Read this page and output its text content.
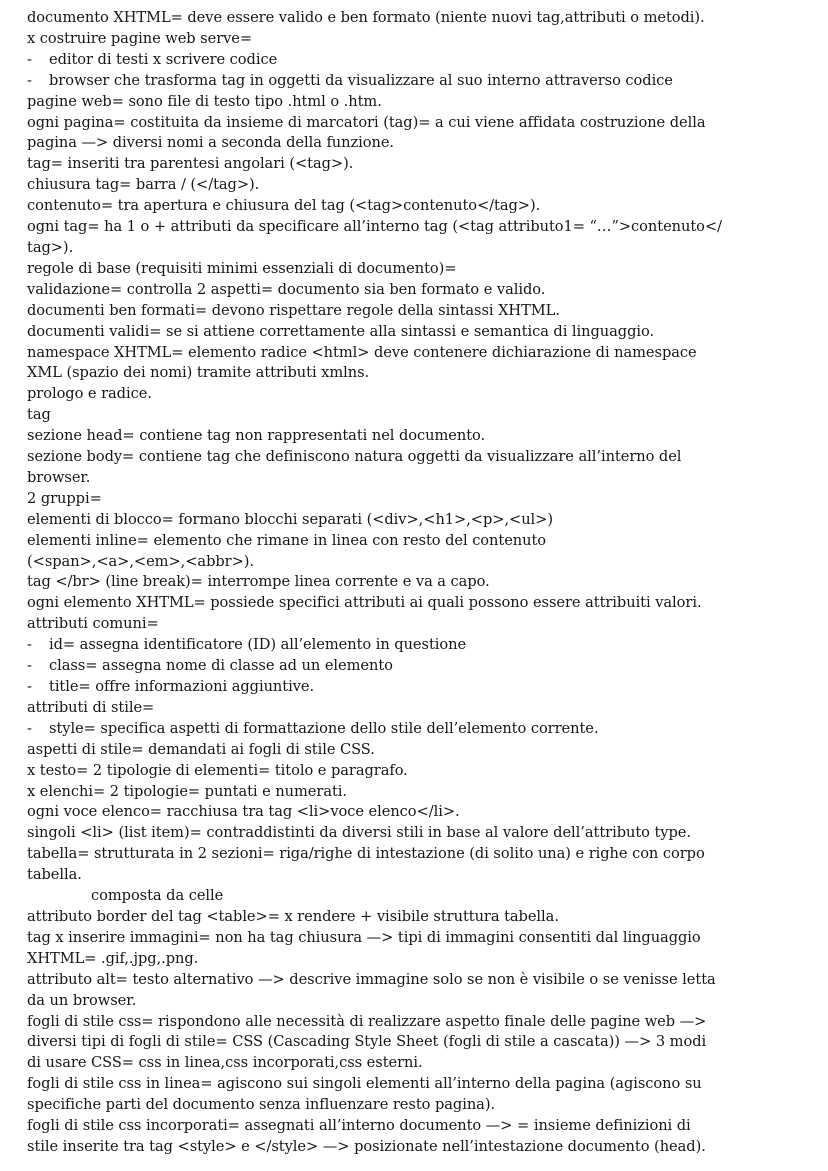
documento XHTML= deve essere valido e ben formato (niente nuovi tag,attributi o metodi).
x costruire pagine web serve=
- editor di testi x scrivere codice
- browser che trasforma tag in oggetti da visualizzare al suo interno attraverso codice
pagine web= sono file di testo tipo .html o .htm.
ogni pagina= costituita da insieme di marcatori (tag)= a cui viene affidata costruzione della
pagina —> diversi nomi a seconda della funzione.
tag= inseriti tra parentesi angolari (<tag>).
chiusura tag= barra / (</tag>).
contenuto= tra apertura e chiusura del tag (<tag>contenuto</tag>).
ogni tag= ha 1 o + attributi da specificare all’interno tag (<tag attributo1= “…”>contenuto</
tag>).
regole di base (requisiti minimi essenziali di documento)=
validazione= controlla 2 aspetti= documento sia ben formato e valido.
documenti ben formati= devono rispettare regole della sintassi XHTML.
documenti validi= se si attiene correttamente alla sintassi e semantica di linguaggio.
namespace XHTML= elemento radice <html> deve contenere dichiarazione di namespace
XML (spazio dei nomi) tramite attributi xmlns.
prologo e radice.
tag
sezione head= contiene tag non rappresentati nel documento.
sezione body= contiene tag che definiscono natura oggetti da visualizzare all’interno del
browser.
2 gruppi=
elementi di blocco= formano blocchi separati (<div>,<h1>,<p>,<ul>)
elementi inline= elemento che rimane in linea con resto del contenuto
(<span>,<a>,<em>,<abbr>).
tag </br> (line break)= interrompe linea corrente e va a capo.
ogni elemento XHTML= possiede specifici attributi ai quali possono essere attribuiti valori.
attributi comuni=
- id= assegna identificatore (ID) all’elemento in questione
- class= assegna nome di classe ad un elemento
- title= offre informazioni aggiuntive.
attributi di stile=
- style= specifica aspetti di formattazione dello stile dell’elemento corrente.
aspetti di stile= demandati ai fogli di stile CSS.
x testo= 2 tipologie di elementi= titolo e paragrafo.
x elenchi= 2 tipologie= puntati e numerati.
ogni voce elenco= racchiusa tra tag <li>voce elenco</li>.
singoli <li> (list item)= contraddistinti da diversi stili in base al valore dell’attributo type.
tabella= strutturata in 2 sezioni= riga/righe di intestazione (di solito una) e righe con corpo
tabella.
composta da celle
attributo border del tag <table>= x rendere + visibile struttura tabella.
tag x inserire immagini= non ha tag chiusura —> tipi di immagini consentiti dal linguaggio
XHTML= .gif,.jpg,.png.
attributo alt= testo alternativo —> descrive immagine solo se non è visibile o se venisse letta
da un browser.
fogli di stile css= rispondono alle necessità di realizzare aspetto finale delle pagine web —>
diversi tipi di fogli di stile= CSS (Cascading Style Sheet (fogli di stile a cascata)) —> 3 modi
di usare CSS= css in linea,css incorporati,css esterni.
fogli di stile css in linea= agiscono sui singoli elementi all’interno della pagina (agiscono su
specifiche parti del documento senza influenzare resto pagina).
fogli di stile css incorporati= assegnati all’interno documento —> = insieme definizioni di
stile inserite tra tag <style> e </style> —> posizionate nell’intestazione documento (head).
